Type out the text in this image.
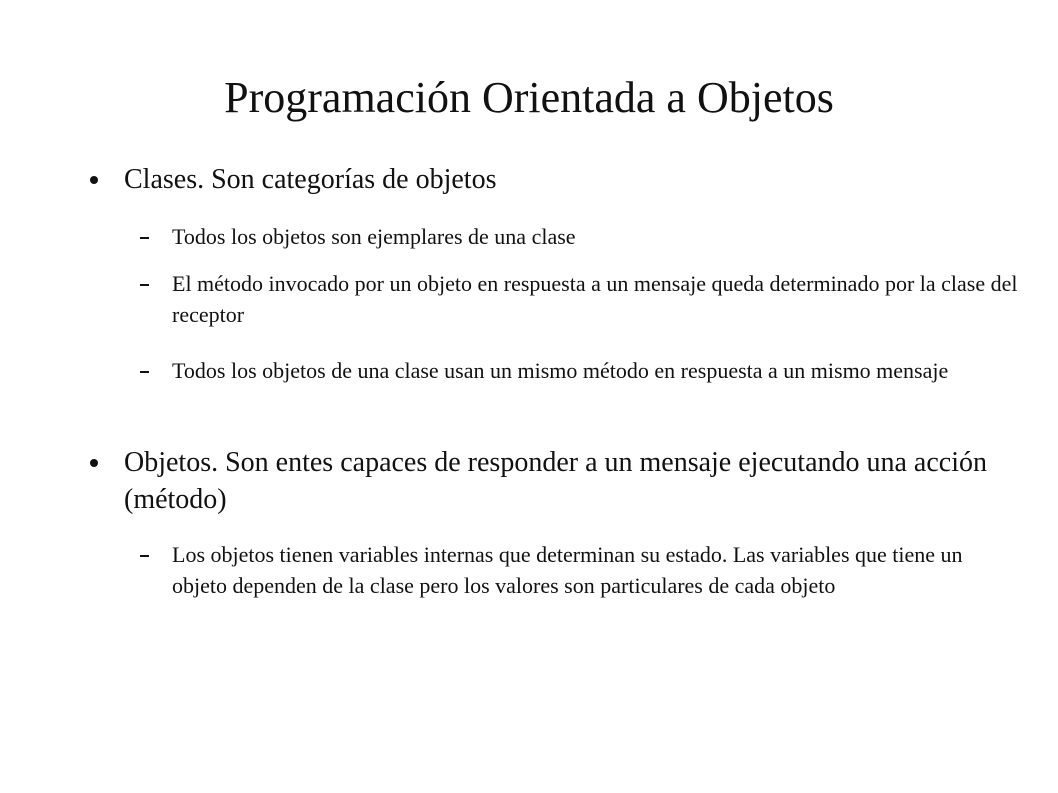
Programación Orientada a Objetos

Clases. Son categorías de objetos

Todos los objetos son ejemplares de una clase

El método invocado por un objeto en respuesta a un mensaje queda determinado por la clase del receptor

Todos los objetos de una clase usan un mismo método en respuesta a un mismo mensaje

Objetos. Son entes capaces de responder a un mensaje ejecutando una acción (método)

Los objetos tienen variables internas que determinan su estado. Las variables que tiene un objeto dependen de la clase pero los valores son particulares de cada objeto
